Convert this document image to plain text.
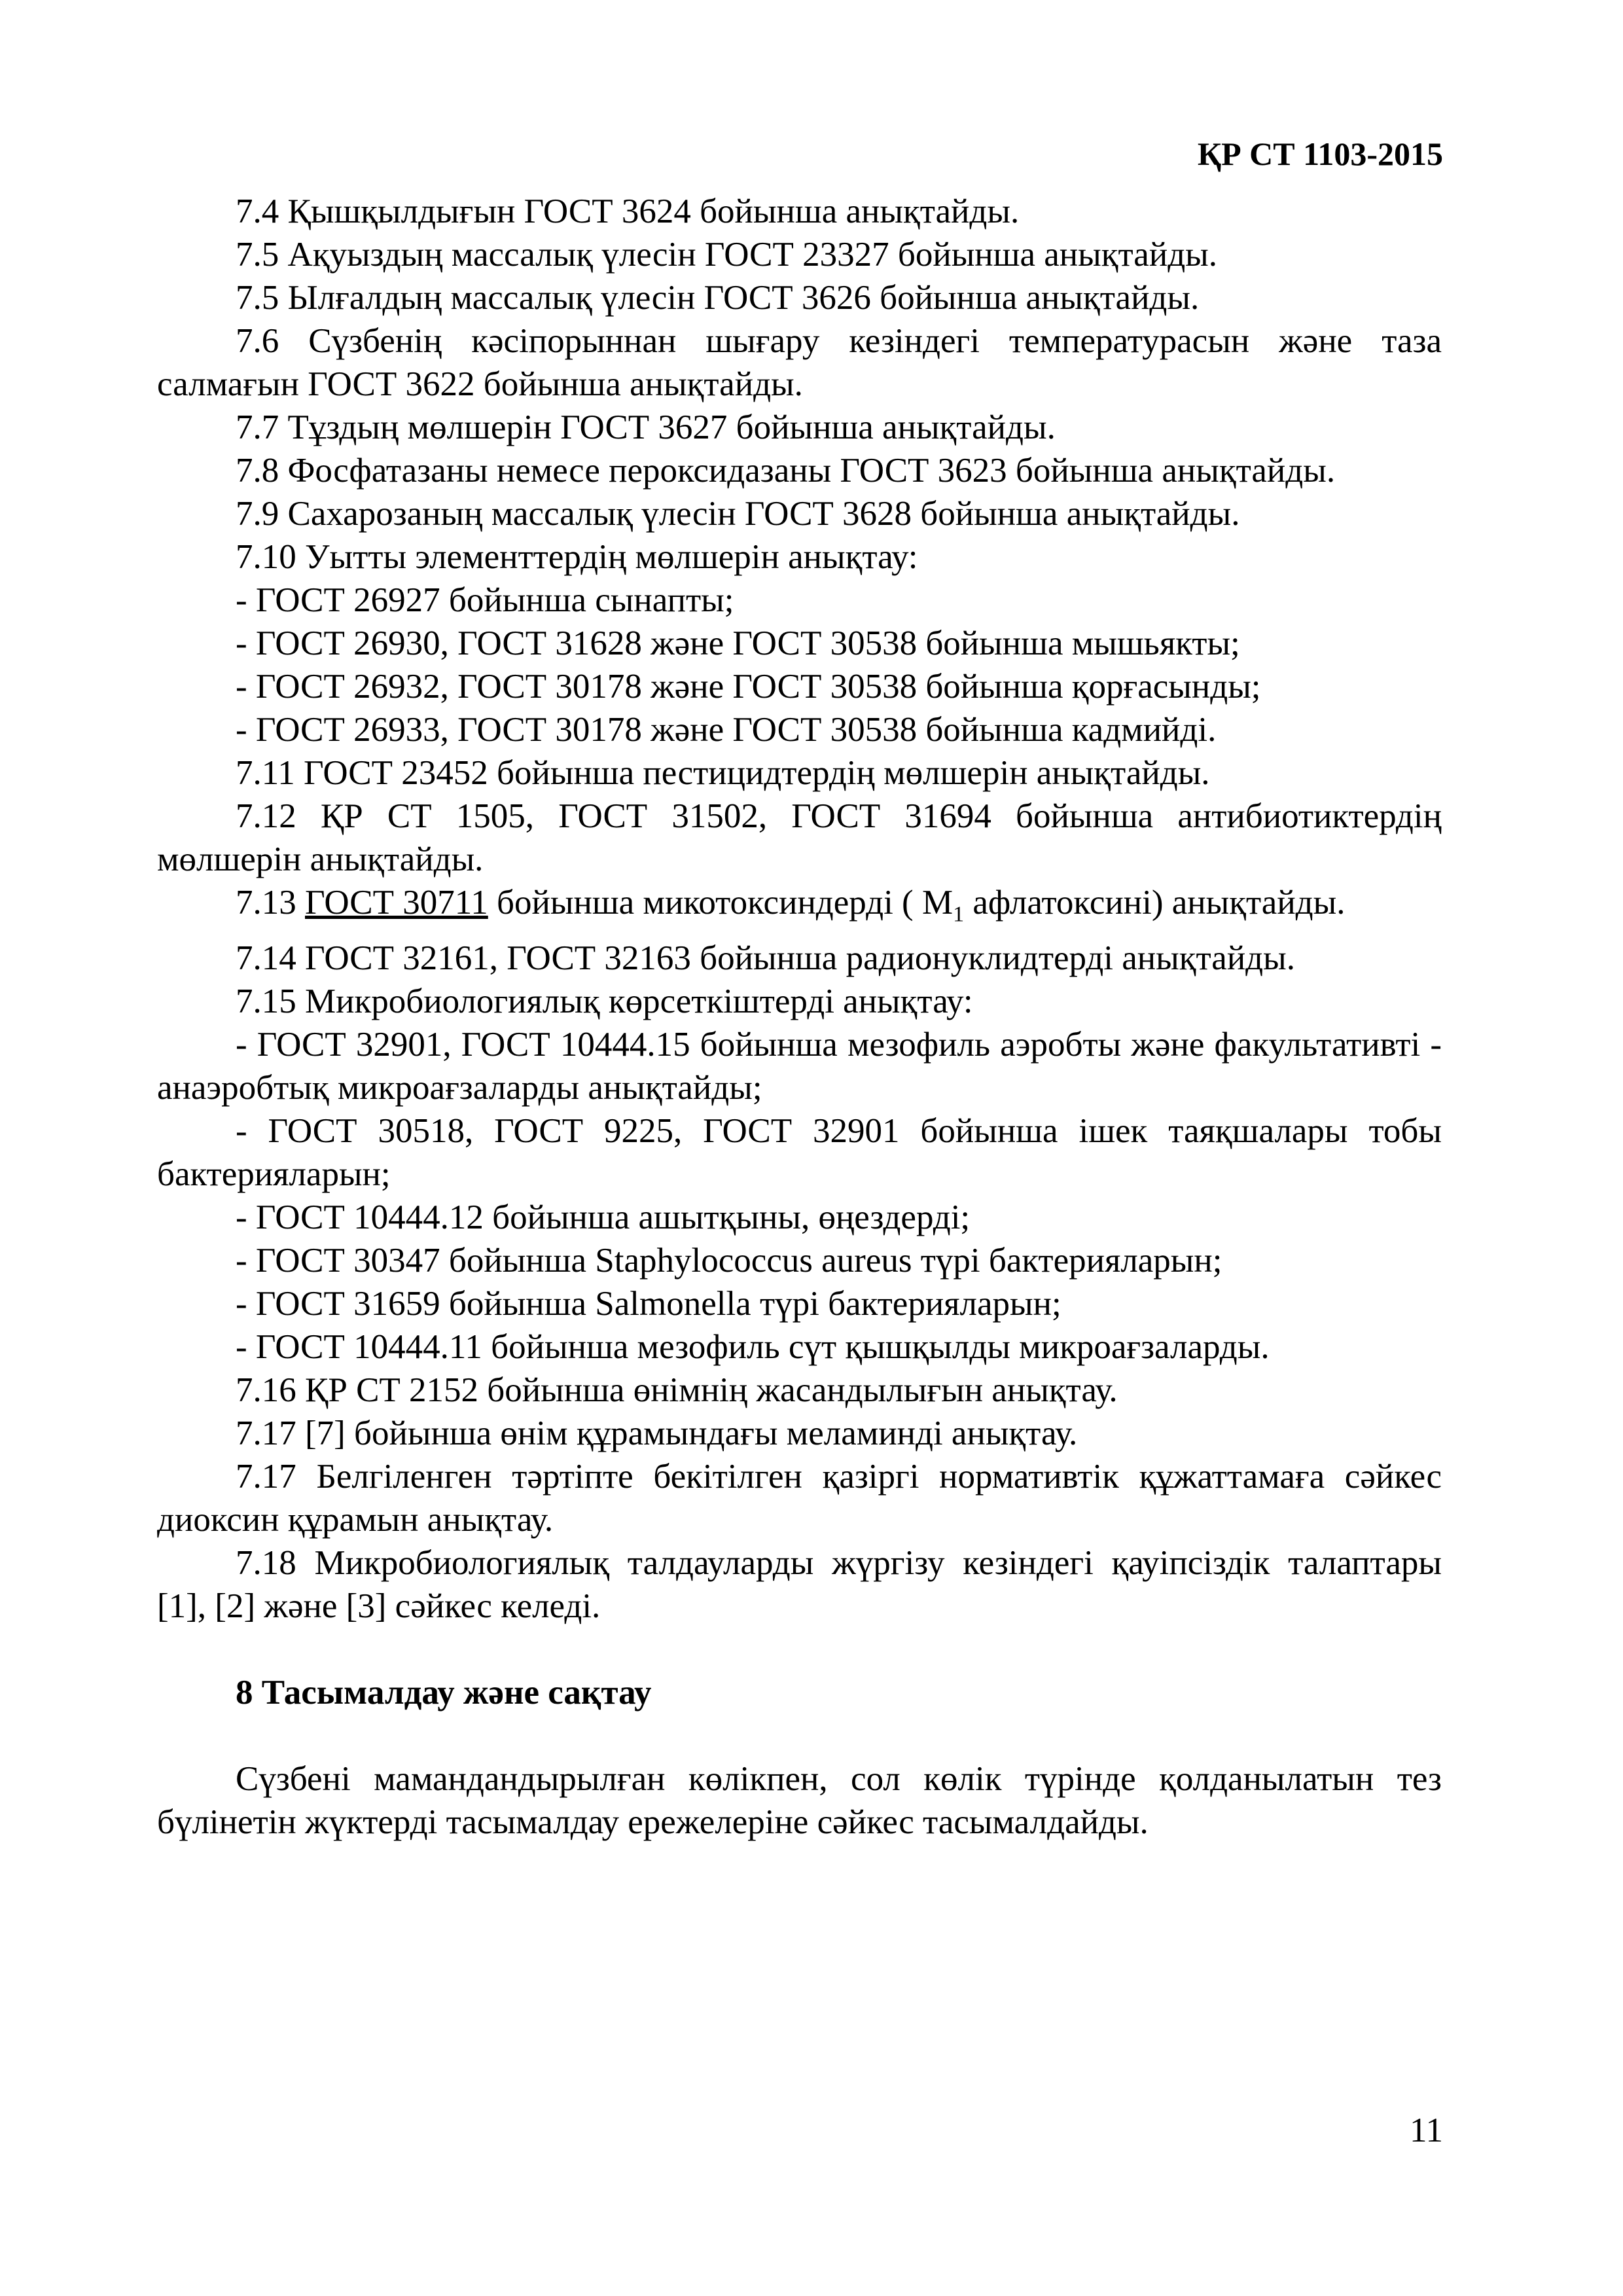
ҚР СТ 1103-2015

7.4 Қышқылдығын ГОСТ 3624 бойынша анықтайды.

7.5 Ақуыздың массалық үлесін ГОСТ 23327 бойынша анықтайды.

7.5 Ылғалдың массалық үлесін ГОСТ 3626 бойынша анықтайды.

7.6 Сүзбенің кәсіпорыннан шығару кезіндегі температурасын және таза салмағын ГОСТ 3622 бойынша анықтайды.

7.7 Тұздың мөлшерін ГОСТ 3627 бойынша анықтайды.

7.8 Фосфатазаны немесе пероксидазаны ГОСТ 3623 бойынша анықтайды.

7.9 Сахарозаның массалық үлесін ГОСТ 3628 бойынша анықтайды.

7.10 Уытты элементтердің мөлшерін анықтау:

- ГОСТ 26927 бойынша сынапты;

- ГОСТ 26930, ГОСТ 31628 және ГОСТ 30538 бойынша мышьякты;

- ГОСТ 26932, ГОСТ 30178 және ГОСТ 30538 бойынша қорғасынды;

- ГОСТ 26933, ГОСТ 30178 және ГОСТ 30538 бойынша кадмийді.

7.11 ГОСТ 23452 бойынша пестицидтердің мөлшерін анықтайды.

7.12 ҚР СТ 1505, ГОСТ 31502, ГОСТ 31694 бойынша антибиотиктердің мөлшерін анықтайды.

7.13 ГОСТ 30711 бойынша микотоксиндерді ( $М_1$ афлатоксині) анықтайды.

7.14 ГОСТ 32161, ГОСТ 32163 бойынша радионуклидтерді анықтайды.

7.15 Микробиологиялық көрсеткіштерді анықтау:

- ГОСТ 32901, ГОСТ 10444.15 бойынша мезофиль аэробты және факультативті - анаэробтық микроағзаларды анықтайды;

- ГОСТ 30518, ГОСТ 9225, ГОСТ 32901 бойынша ішек таяқшалары тобы бактерияларын;

- ГОСТ 10444.12 бойынша ашытқыны, өңездерді;

- ГОСТ 30347 бойынша Staphylococcus aureus түрі бактерияларын;

- ГОСТ 31659 бойынша Salmonella түрі бактерияларын;

- ГОСТ 10444.11 бойынша мезофиль сүт қышқылды микроағзаларды.

7.16 ҚР СТ 2152 бойынша өнімнің жасандылығын анықтау.

7.17 [7] бойынша өнім құрамындағы меламинді анықтау.

7.17 Белгіленген тәртіпте бекітілген қазіргі нормативтік құжаттамаға сәйкес диоксин құрамын анықтау.

7.18 Микробиологиялық талдауларды жүргізу кезіндегі қауіпсіздік талаптары [1], [2] және [3] сәйкес келеді.

8 Тасымалдау және сақтау

Сүзбені мамандандырылған көлікпен, сол көлік түрінде қолданылатын тез бүлінетін жүктерді тасымалдау ережелеріне сәйкес тасымалдайды.

11
